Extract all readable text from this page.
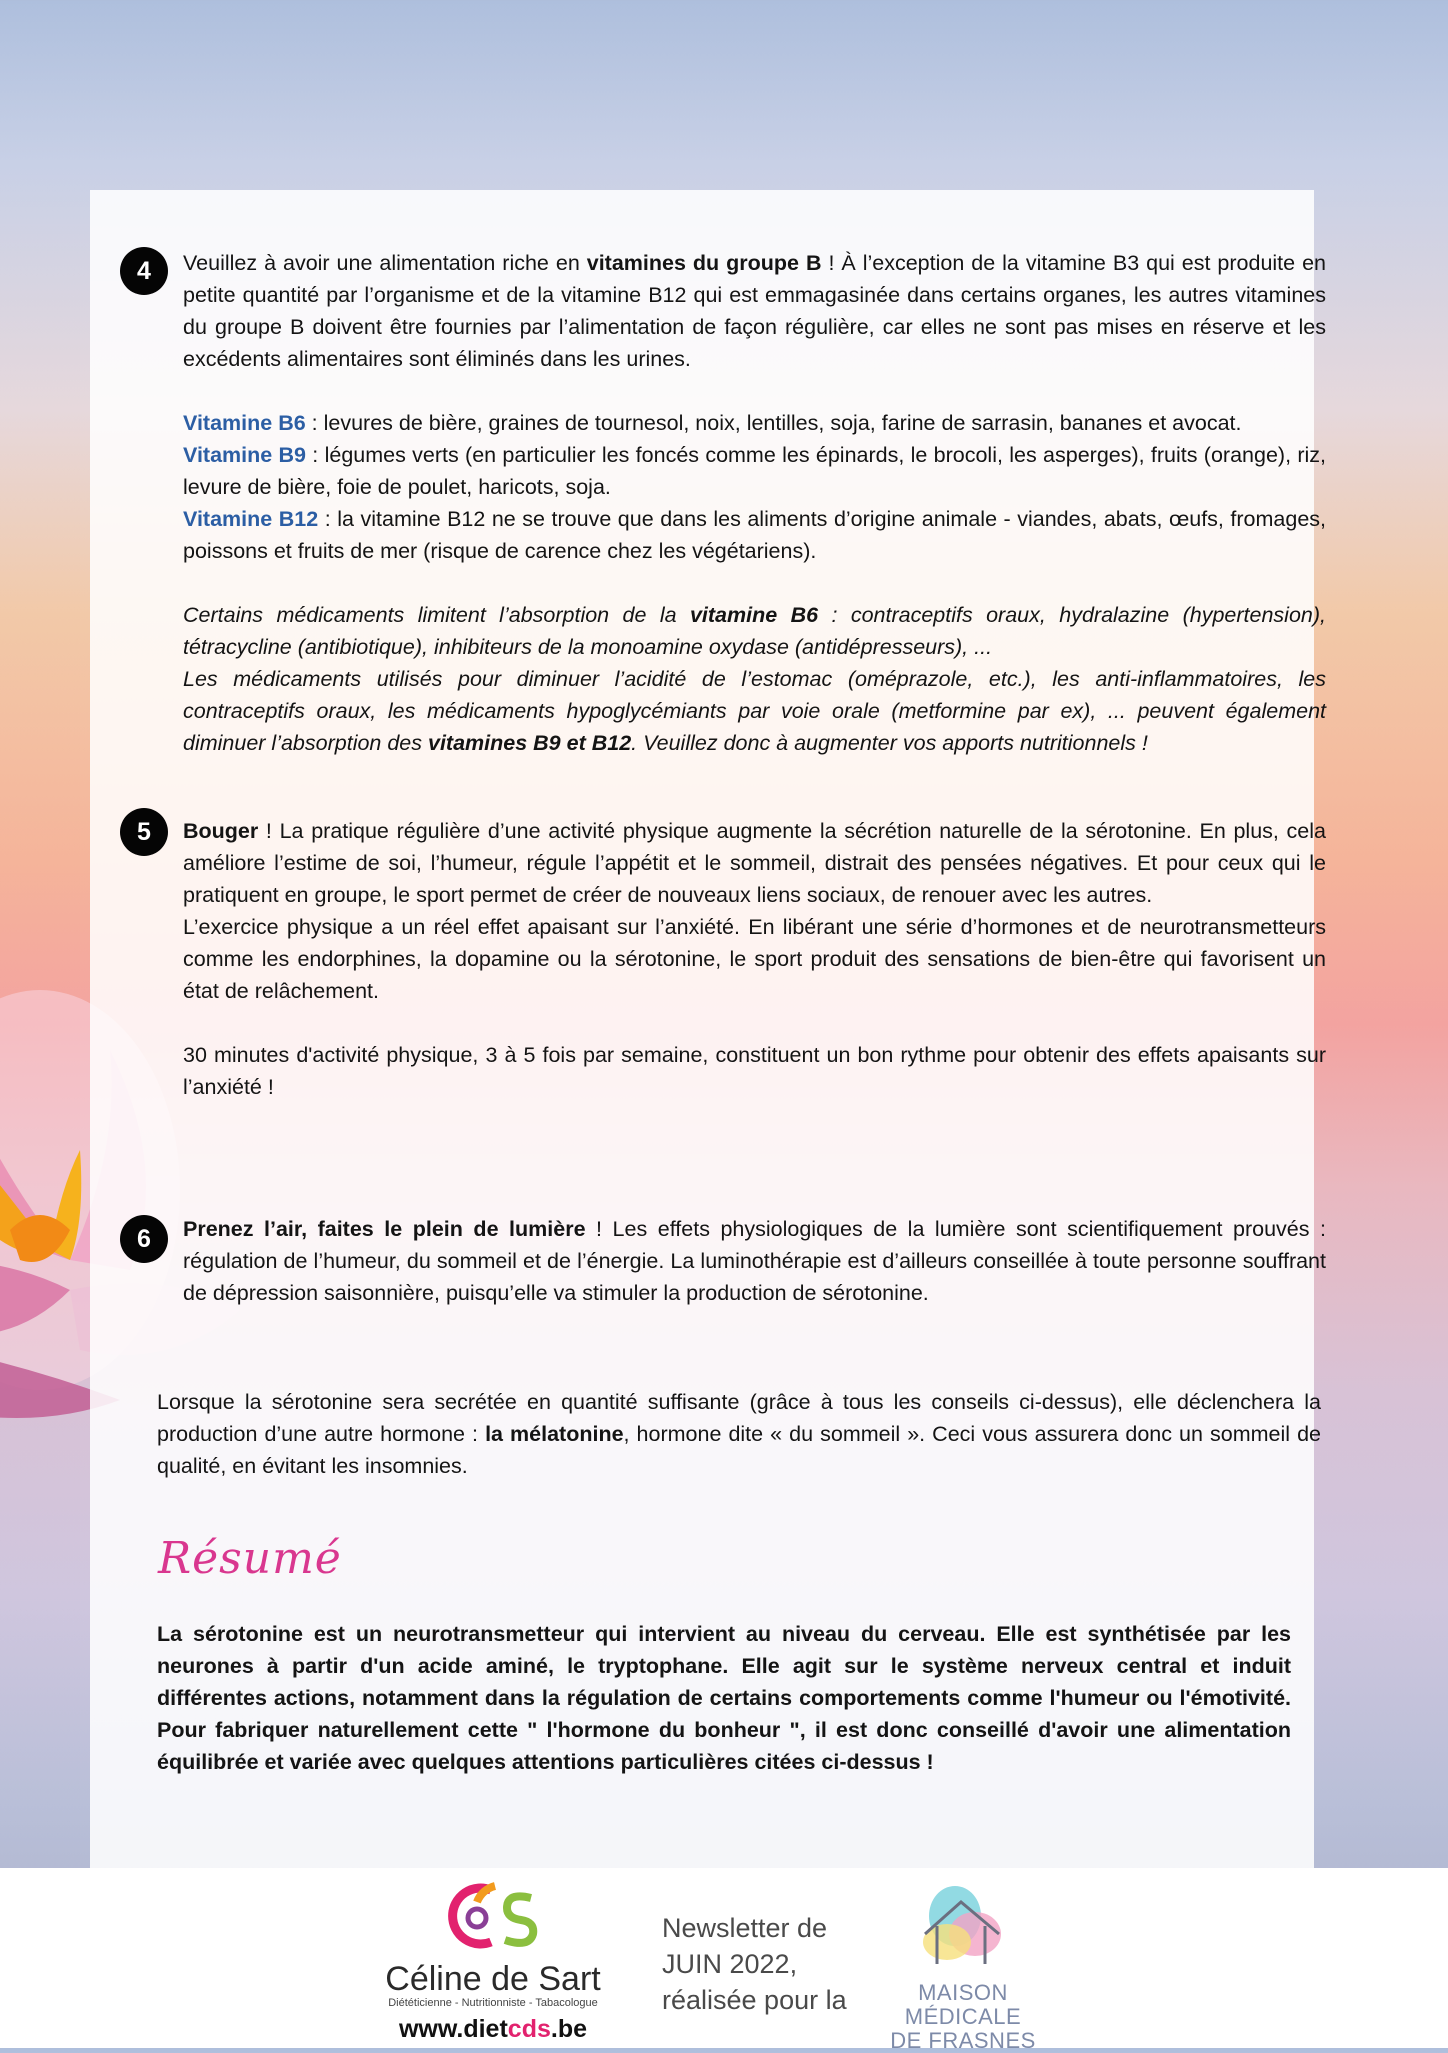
4	Veuillez à avoir une alimentation riche en vitamines du groupe B ! À l’exception de la vitamine B3 qui est produite en petite quantité par l’organisme et de la vitamine B12 qui est emmagasinée dans certains organes, les autres vitamines du groupe B doivent être fournies par l’alimentation de façon régulière, car elles ne sont pas mises en réserve et les excédents alimentaires sont éliminés dans les urines.

Vitamine B6 : levures de bière, graines de tournesol, noix, lentilles, soja, farine de sarrasin, bananes et avocat.

Vitamine B9 : légumes verts (en particulier les foncés comme les épinards, le brocoli, les asperges), fruits (orange), riz, levure de bière, foie de poulet, haricots, soja.

Vitamine B12 : la vitamine B12 ne se trouve que dans les aliments d’origine animale - viandes, abats, œufs, fromages, poissons et fruits de mer (risque de carence chez les végétariens).

Certains médicaments limitent l’absorption de la vitamine B6 : contraceptifs oraux, hydralazine (hypertension), tétracycline (antibiotique), inhibiteurs de la monoamine oxydase (antidépresseurs), ...

Les médicaments utilisés pour diminuer l’acidité de l’estomac (oméprazole, etc.), les anti-inflammatoires, les contraceptifs oraux, les médicaments hypoglycémiants par voie orale (metformine par ex), ... peuvent également diminuer l’absorption des vitamines B9 et B12. Veuillez donc à augmenter vos apports nutritionnels !

5	Bouger ! La pratique régulière d’une activité physique augmente la sécrétion naturelle de la sérotonine. En plus, cela améliore l’estime de soi, l’humeur, régule l’appétit et le sommeil, distrait des pensées négatives. Et pour ceux qui le pratiquent en groupe, le sport permet de créer de nouveaux liens sociaux, de renouer avec les autres.

L’exercice physique a un réel effet apaisant sur l’anxiété. En libérant une série d’hormones et de neurotransmetteurs comme les endorphines, la dopamine ou la sérotonine, le sport produit des sensations de bien-être qui favorisent un état de relâchement.

30 minutes d'activité physique, 3 à 5 fois par semaine, constituent un bon rythme pour obtenir des effets apaisants sur l’anxiété !

6	Prenez l’air, faites le plein de lumière ! Les effets physiologiques de la lumière sont scientifiquement prouvés : régulation de l’humeur, du sommeil et de l’énergie. La luminothérapie est d’ailleurs conseillée à toute personne souffrant de dépression saisonnière, puisqu’elle va stimuler la production de sérotonine.

Lorsque la sérotonine sera secrétée en quantité suffisante (grâce à tous les conseils ci-dessus), elle déclenchera la production d’une autre hormone : la mélatonine, hormone dite « du sommeil ». Ceci vous assurera donc un sommeil de qualité, en évitant les insomnies.
Résumé
La sérotonine est un neurotransmetteur qui intervient au niveau du cerveau. Elle est synthétisée par les neurones à partir d'un acide aminé, le tryptophane. Elle agit sur le système nerveux central et induit différentes actions, notamment dans la régulation de certains comportements comme l'humeur ou l'émotivité. Pour fabriquer naturellement cette " l'hormone du bonheur ", il est donc conseillé d'avoir une alimentation équilibrée et variée avec quelques attentions particulières citées ci-dessus !
Céline de Sart
Diététicienne - Nutritionniste - Tabacologue
www.dietcds.be
Newsletter de
JUIN 2022,
réalisée pour la	MAISON MÉDICALE
DE FRASNES
